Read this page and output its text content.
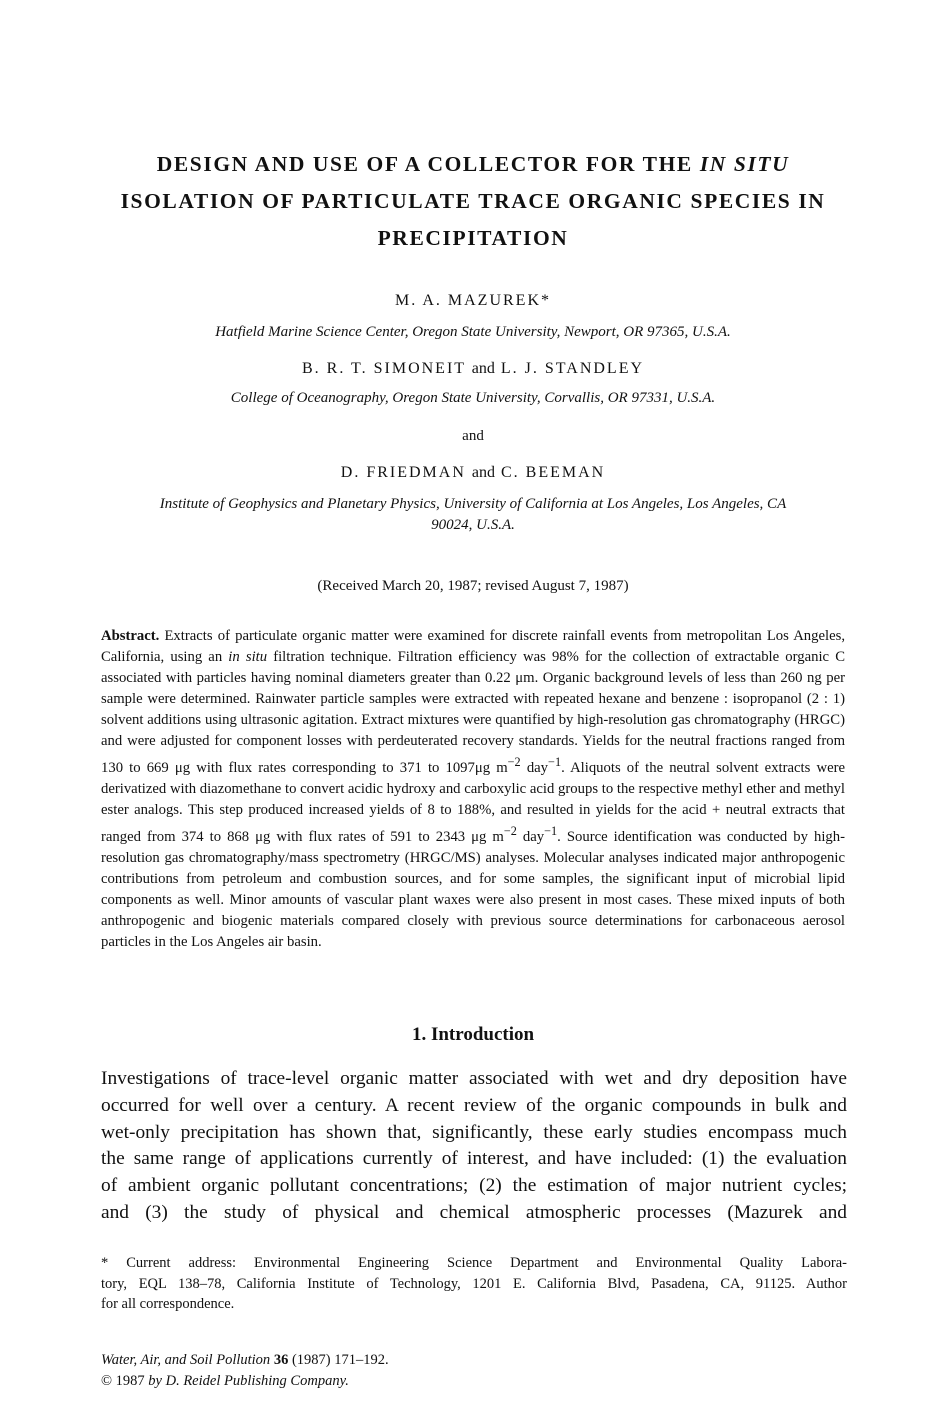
DESIGN AND USE OF A COLLECTOR FOR THE IN SITU
ISOLATION OF PARTICULATE TRACE ORGANIC SPECIES IN
PRECIPITATION
M. A. MAZUREK*
Hatfield Marine Science Center, Oregon State University, Newport, OR 97365, U.S.A.
B. R. T. SIMONEIT and L. J. STANDLEY
College of Oceanography, Oregon State University, Corvallis, OR 97331, U.S.A.
and
D. FRIEDMAN and C. BEEMAN
Institute of Geophysics and Planetary Physics, University of California at Los Angeles, Los Angeles, CA
90024, U.S.A.
(Received March 20, 1987; revised August 7, 1987)

Abstract. Extracts of particulate organic matter were examined for discrete rainfall events from metropolitan Los Angeles, California, using an in situ filtration technique. Filtration efficiency was 98% for the collection of extractable organic C associated with particles having nominal diameters greater than 0.22 μm. Organic background levels of less than 260 ng per sample were determined. Rainwater particle samples were extracted with repeated hexane and benzene : isopropanol (2 : 1) solvent additions using ultrasonic agitation. Extract mixtures were quantified by high-resolution gas chromatography (HRGC) and were adjusted for component losses with perdeuterated recovery standards. Yields for the neutral fractions ranged from 130 to 669 μg with flux rates corresponding to 371 to 1097μg $m^{-2}$ day$^{-1}$. Aliquots of the neutral solvent extracts were derivatized with diazomethane to convert acidic hydroxy and carboxylic acid groups to the respective methyl ether and methyl ester analogs. This step produced increased yields of 8 to 188%, and resulted in yields for the acid + neutral extracts that ranged from 374 to 868 μg with flux rates of 591 to 2343 μg $m^{-2}$ day$^{-1}$. Source identification was conducted by high-resolution gas chromatography/mass spectrometry (HRGC/MS) analyses. Molecular analyses indicated major anthropogenic contributions from petroleum and combustion sources, and for some samples, the significant input of microbial lipid components as well. Minor amounts of vascular plant waxes were also present in most cases. These mixed inputs of both anthropogenic and biogenic materials compared closely with previous source determinations for carbonaceous aerosol particles in the Los Angeles air basin.

1. Introduction

Investigations of trace-level organic matter associated with wet and dry deposition have
occurred for well over a century. A recent review of the organic compounds in bulk and
wet-only precipitation has shown that, significantly, these early studies encompass much
the same range of applications currently of interest, and have included: (1) the evaluation
of ambient organic pollutant concentrations; (2) the estimation of major nutrient cycles;
and (3) the study of physical and chemical atmospheric processes (Mazurek and

* Current address: Environmental Engineering Science Department and Environmental Quality Labora-
tory, EQL 138–78, California Institute of Technology, 1201 E. California Blvd, Pasadena, CA, 91125. Author
for all correspondence.

Water, Air, and Soil Pollution 36 (1987) 171–192.
© 1987 by D. Reidel Publishing Company.
